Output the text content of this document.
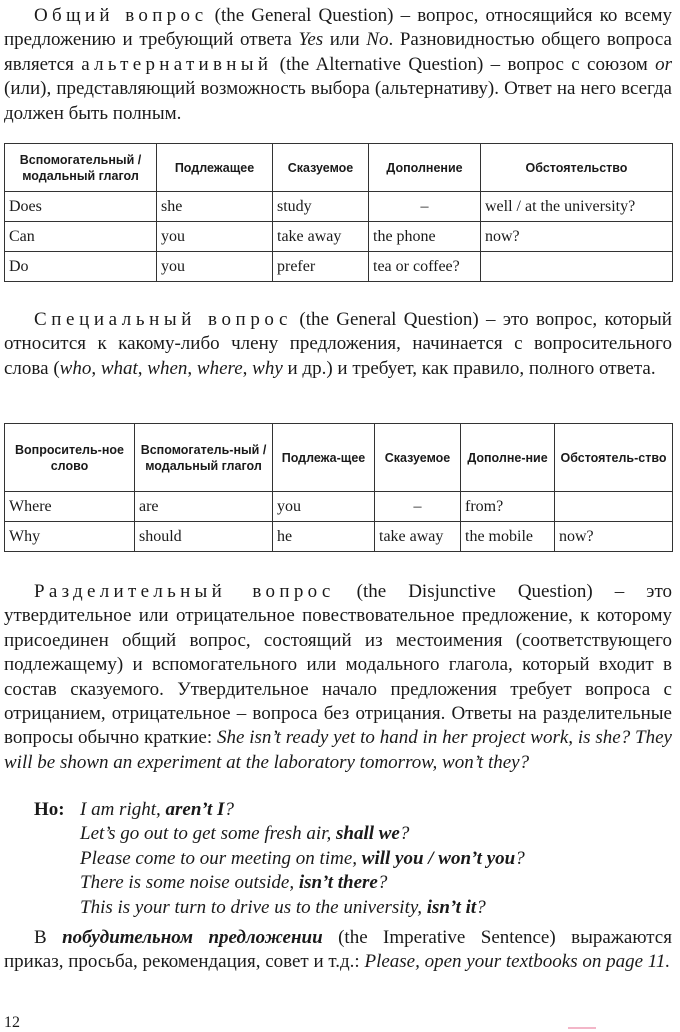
Общий вопрос (the General Question) – вопрос, относящийся ко всему предложению и требующий ответа Yes или No. Разновидностью общего вопроса является альтернативный (the Alternative Question) – вопрос с союзом or (или), представляющий возможность выбора (альтернативу). Ответ на него всегда должен быть полным.

Вспомогательный / модальный глагол	Подлежащее	Сказуемое	Дополнение	Обстоятельство
Does	she	study	–	well / at the university?
Can	you	take away	the phone	now?
Do	you	prefer	tea or coffee?	

Специальный вопрос (the General Question) – это вопрос, который относится к какому-либо члену предложения, начинается с вопросительного слова (who, what, when, where, why и др.) и требует, как правило, полного ответа.

Вопроситель-ное слово	Вспомогатель-ный / модальный глагол	Подлежа-щее	Сказуемое	Дополне-ние	Обстоятель-ство
Where	are	you	–	from?	
Why	should	he	take away	the mobile	now?

Разделительный вопрос (the Disjunctive Question) – это утвердительное или отрицательное повествовательное предложение, к которому присоединен общий вопрос, состоящий из местоимения (соответствующего подлежащему) и вспомогательного или модального глагола, который входит в состав сказуемого. Утвердительное начало предложения требует вопроса с отрицанием, отрицательное – вопроса без отрицания. Ответы на разделительные вопросы обычно краткие: She isn’t ready yet to hand in her project work, is she? They will be shown an experiment at the laboratory tomorrow, won’t they?

Ho: I am right, aren’t I?
Let’s go out to get some fresh air, shall we?
Please come to our meeting on time, will you / won’t you?
There is some noise outside, isn’t there?
This is your turn to drive us to the university, isn’t it?

В побудительном предложении (the Imperative Sentence) выражаются приказ, просьба, рекомендация, совет и т.д.: Please, open your textbooks on page 11.

12
